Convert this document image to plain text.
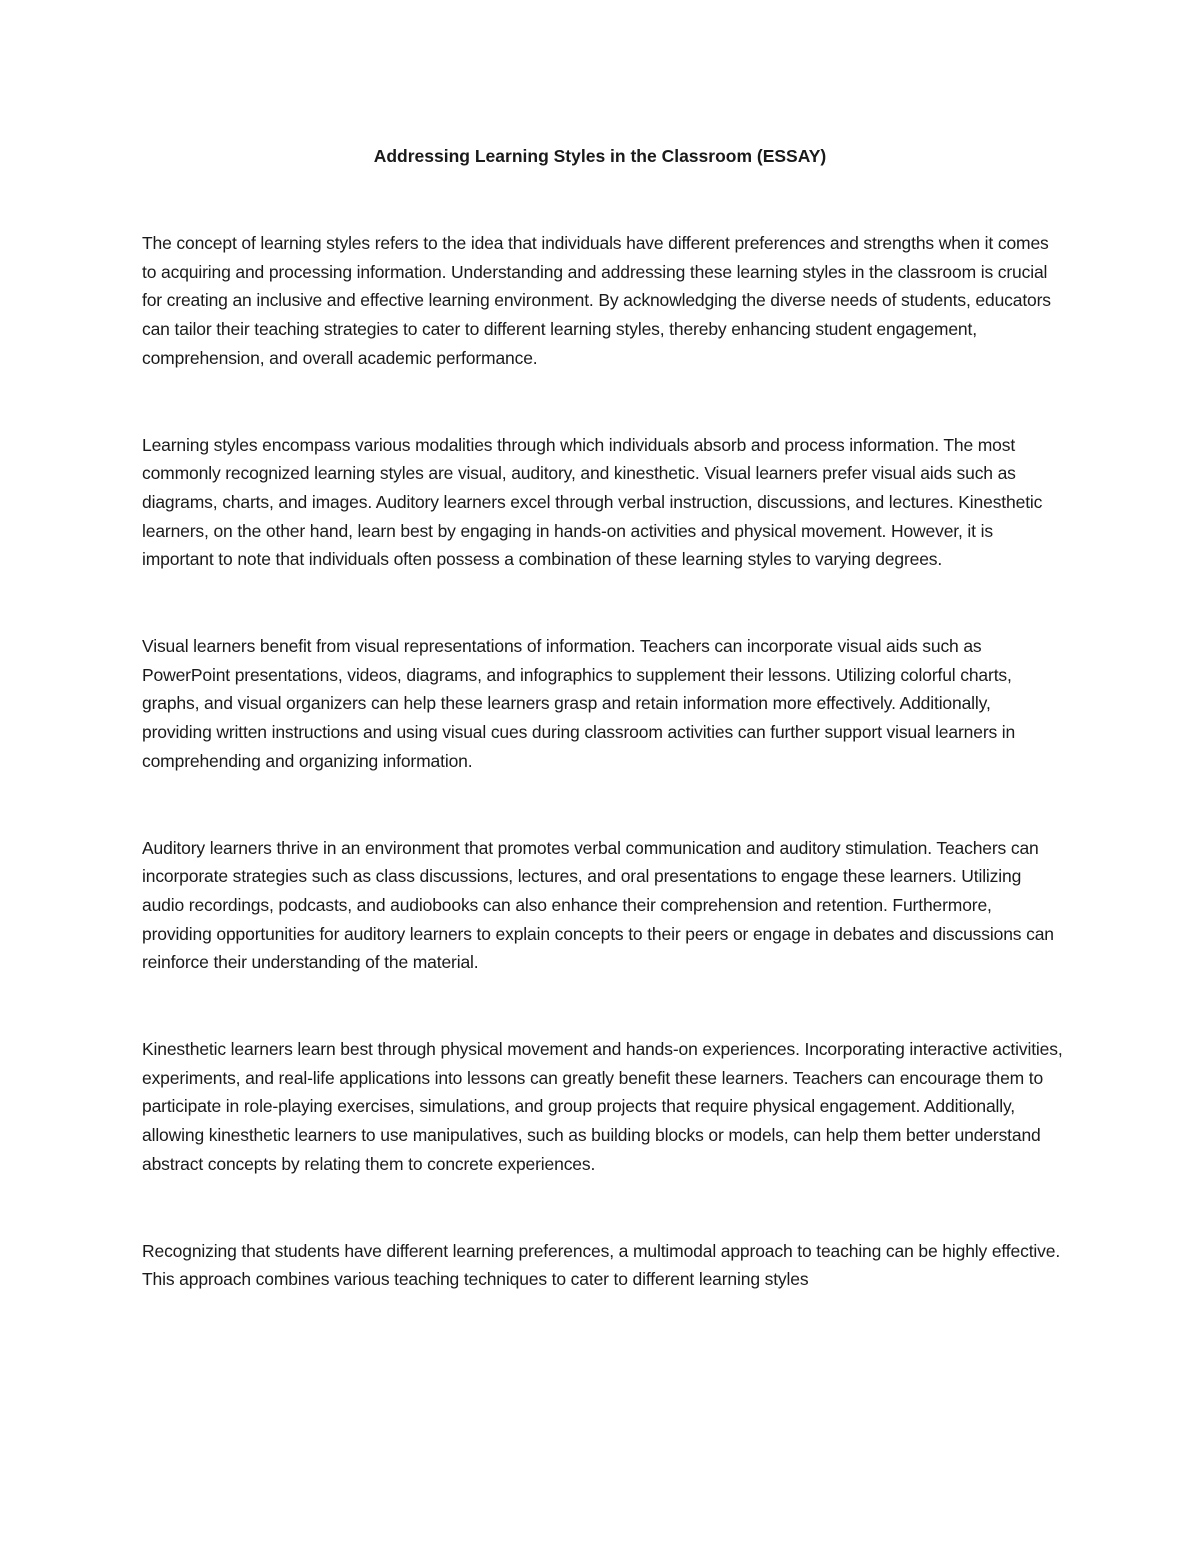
Addressing Learning Styles in the Classroom (ESSAY)

The concept of learning styles refers to the idea that individuals have different preferences and strengths when it comes to acquiring and processing information. Understanding and addressing these learning styles in the classroom is crucial for creating an inclusive and effective learning environment. By acknowledging the diverse needs of students, educators can tailor their teaching strategies to cater to different learning styles, thereby enhancing student engagement, comprehension, and overall academic performance.

Learning styles encompass various modalities through which individuals absorb and process information. The most commonly recognized learning styles are visual, auditory, and kinesthetic. Visual learners prefer visual aids such as diagrams, charts, and images. Auditory learners excel through verbal instruction, discussions, and lectures. Kinesthetic learners, on the other hand, learn best by engaging in hands-on activities and physical movement. However, it is important to note that individuals often possess a combination of these learning styles to varying degrees.

Visual learners benefit from visual representations of information. Teachers can incorporate visual aids such as PowerPoint presentations, videos, diagrams, and infographics to supplement their lessons. Utilizing colorful charts, graphs, and visual organizers can help these learners grasp and retain information more effectively. Additionally, providing written instructions and using visual cues during classroom activities can further support visual learners in comprehending and organizing information.

Auditory learners thrive in an environment that promotes verbal communication and auditory stimulation. Teachers can incorporate strategies such as class discussions, lectures, and oral presentations to engage these learners. Utilizing audio recordings, podcasts, and audiobooks can also enhance their comprehension and retention. Furthermore, providing opportunities for auditory learners to explain concepts to their peers or engage in debates and discussions can reinforce their understanding of the material.

Kinesthetic learners learn best through physical movement and hands-on experiences. Incorporating interactive activities, experiments, and real-life applications into lessons can greatly benefit these learners. Teachers can encourage them to participate in role-playing exercises, simulations, and group projects that require physical engagement. Additionally, allowing kinesthetic learners to use manipulatives, such as building blocks or models, can help them better understand abstract concepts by relating them to concrete experiences.

Recognizing that students have different learning preferences, a multimodal approach to teaching can be highly effective. This approach combines various teaching techniques to cater to different learning styles
